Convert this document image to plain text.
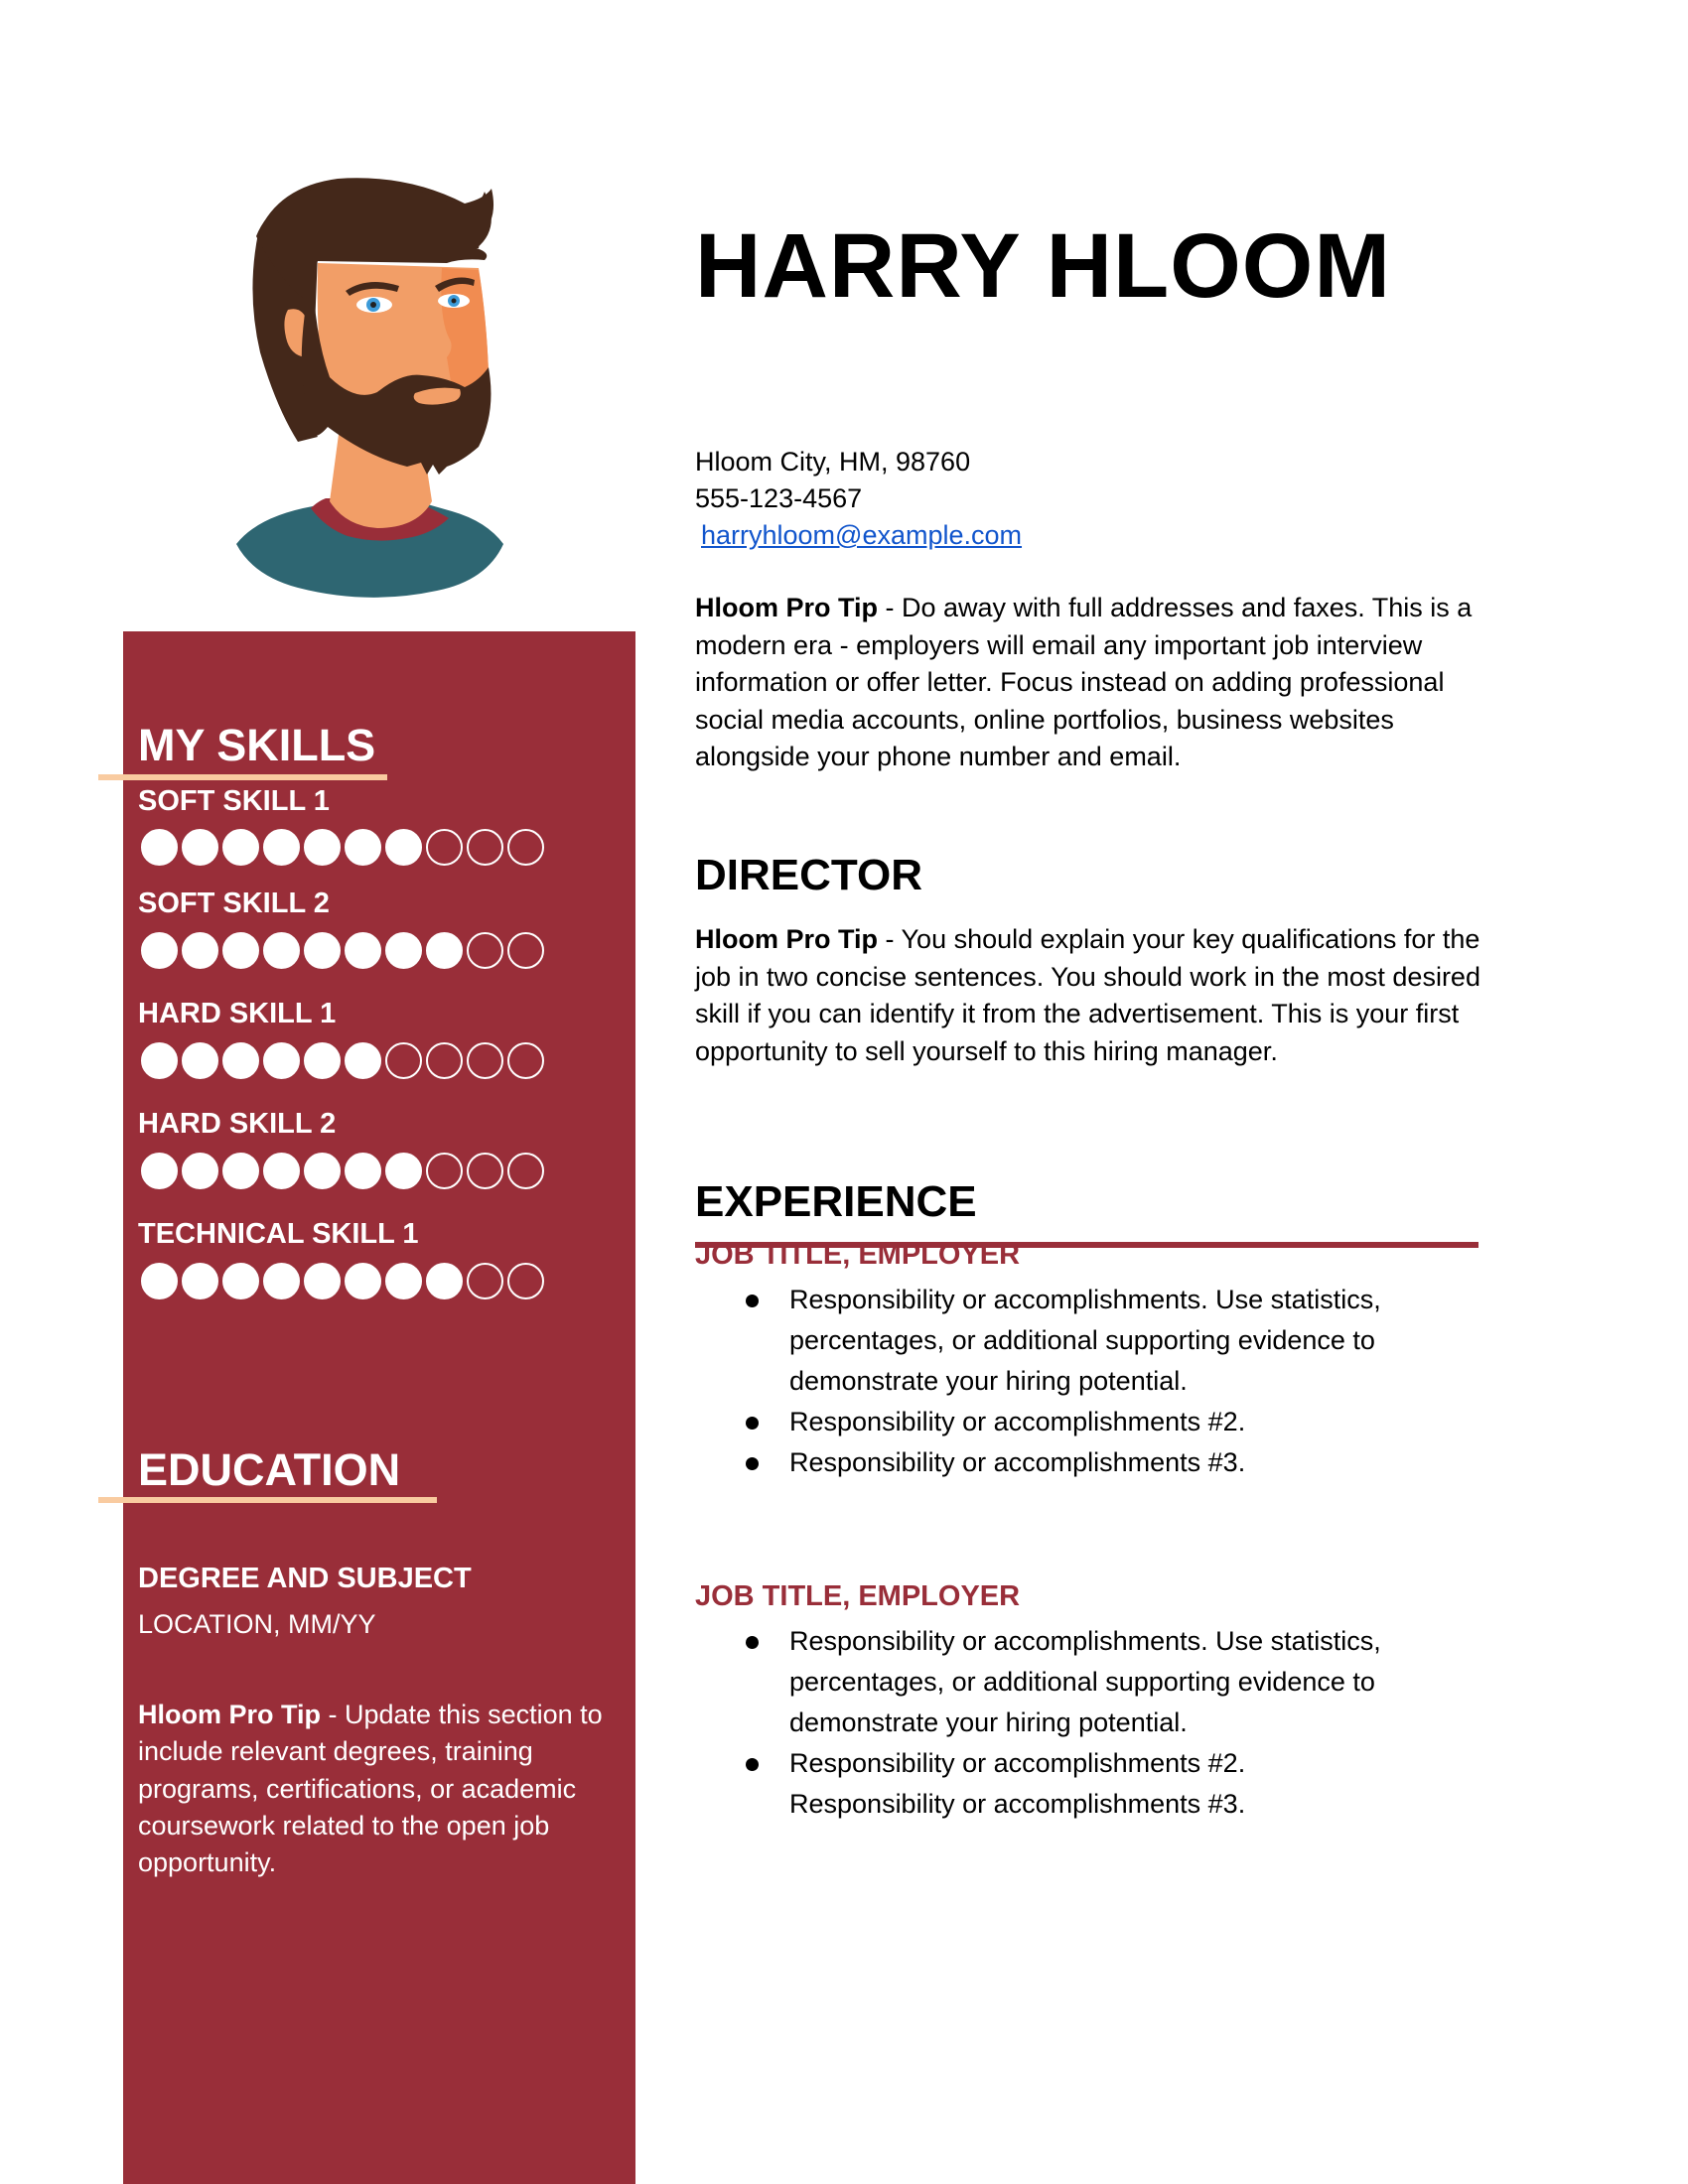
HARRY HLOOM
Hloom City, HM, 98760
555-123-4567
harryhloom@example.com
Hloom Pro Tip - Do away with full addresses and faxes. This is a modern era - employers will email any important job interview information or offer letter. Focus instead on adding professional social media accounts, online portfolios, business websites alongside your phone number and email.
DIRECTOR
Hloom Pro Tip - You should explain your key qualifications for the job in two concise sentences. You should work in the most desired skill if you can identify it from the advertisement. This is your first opportunity to sell yourself to this hiring manager.
EXPERIENCE
JOB TITLE, EMPLOYER
Responsibility or accomplishments. Use statistics, percentages, or additional supporting evidence to demonstrate your hiring potential.
Responsibility or accomplishments #2.
Responsibility or accomplishments #3.
JOB TITLE, EMPLOYER
Responsibility or accomplishments. Use statistics, percentages, or additional supporting evidence to demonstrate your hiring potential.
Responsibility or accomplishments #2.
Responsibility or accomplishments #3.
MY SKILLS
SOFT SKILL 1
SOFT SKILL 2
HARD SKILL 1
HARD SKILL 2
TECHNICAL SKILL 1
EDUCATION
DEGREE AND SUBJECT
LOCATION, MM/YY
Hloom Pro Tip - Update this section to include relevant degrees, training programs, certifications, or academic coursework related to the open job opportunity.
